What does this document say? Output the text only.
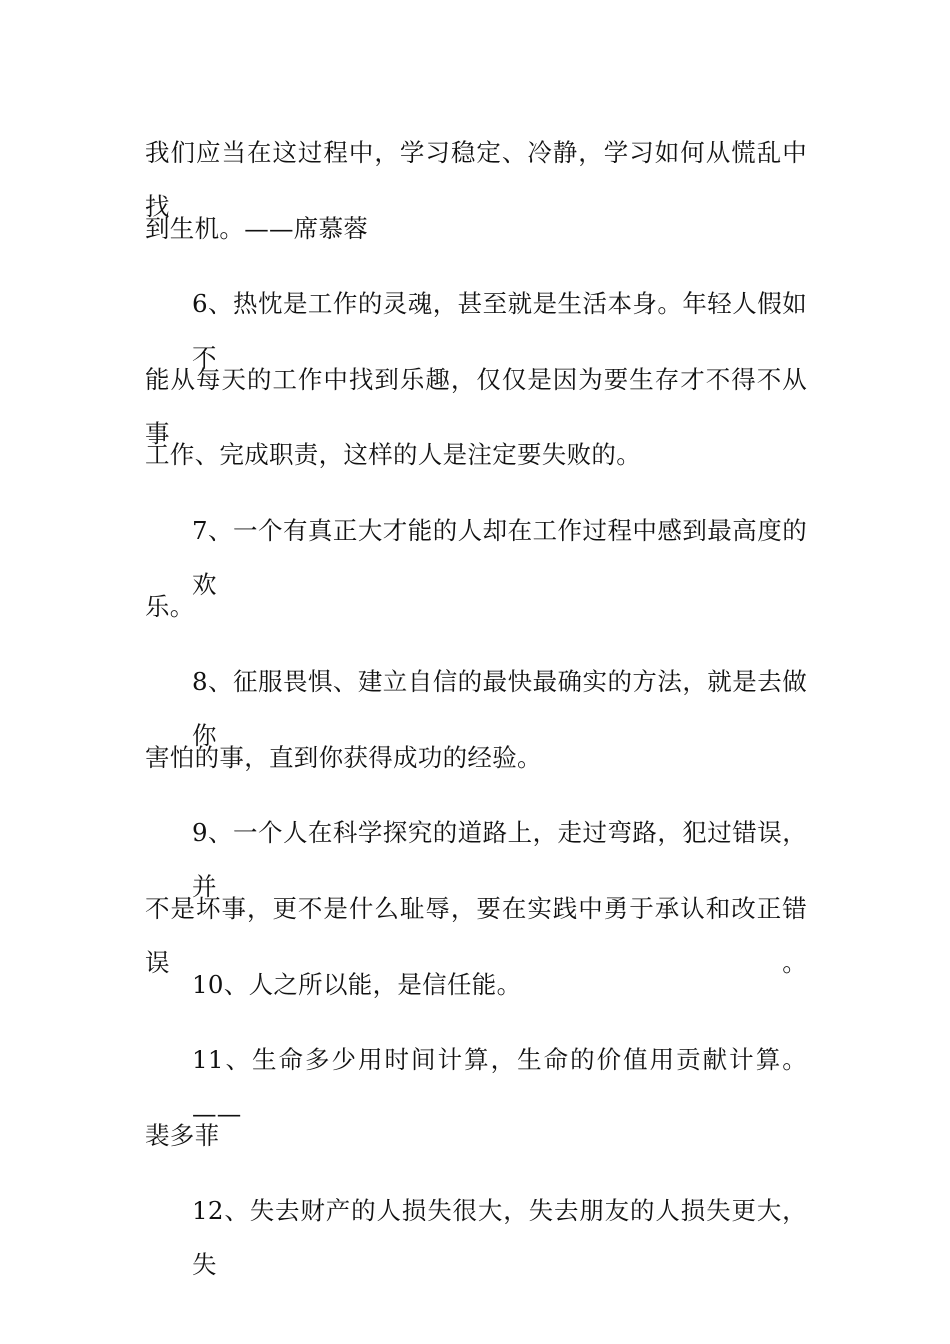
我们应当在这过程中，学习稳定、冷静，学习如何从慌乱中找
到生机。——席慕蓉
6、热忱是工作的灵魂，甚至就是生活本身。年轻人假如不
能从每天的工作中找到乐趣，仅仅是因为要生存才不得不从事
工作、完成职责，这样的人是注定要失败的。
7、一个有真正大才能的人却在工作过程中感到最高度的欢
乐。
8、征服畏惧、建立自信的最快最确实的方法，就是去做你
害怕的事，直到你获得成功的经验。
9、一个人在科学探究的道路上，走过弯路，犯过错误，并
不是坏事，更不是什么耻辱，要在实践中勇于承认和改正错误。
10、人之所以能，是信任能。
11、生命多少用时间计算，生命的价值用贡献计算。——
裴多菲
12、失去财产的人损失很大，失去朋友的人损失更大，失
